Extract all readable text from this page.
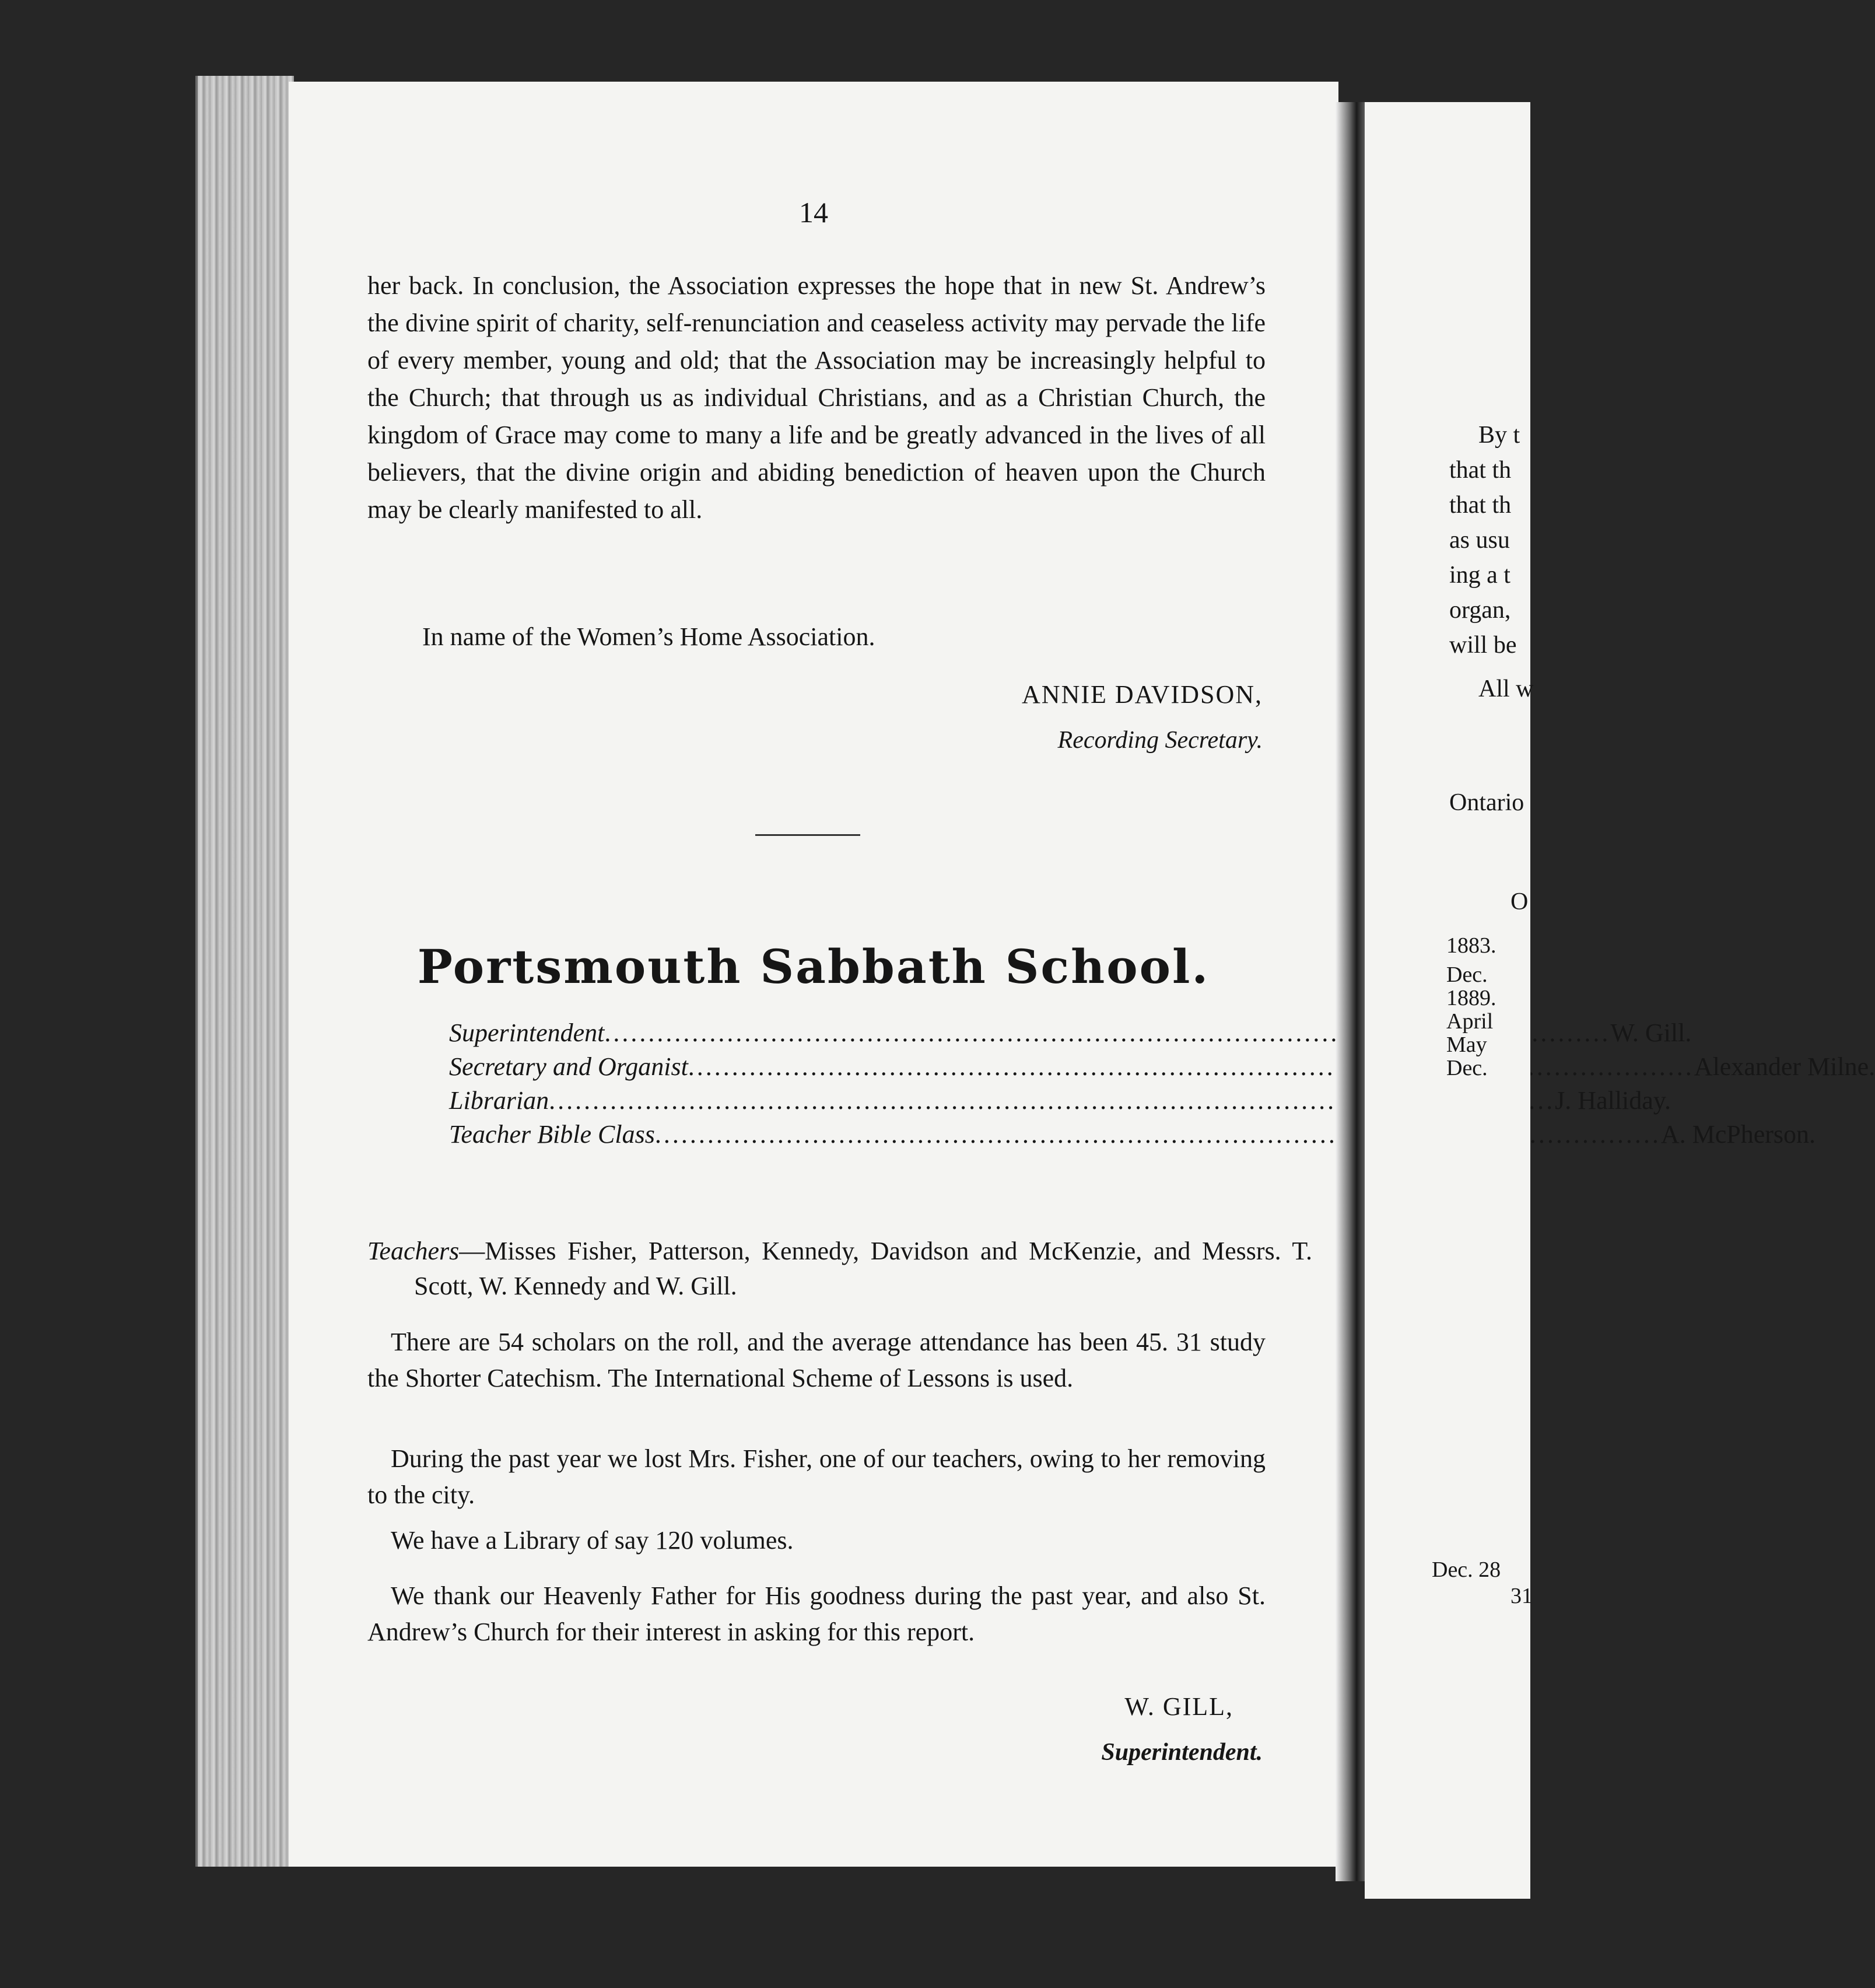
14
her back. In conclusion, the Association expresses the hope that in new St. Andrew’s the divine spirit of charity, self-renunciation and ceaseless activity may pervade the life of every member, young and old; that the Association may be increasingly helpful to the Church; that through us as individual Christians, and as a Christian Church, the kingdom of Grace may come to many a life and be greatly advanced in the lives of all believers, that the divine origin and abiding benediction of heaven upon the Church may be clearly manifested to all.
In name of the Women’s Home Association.
ANNIE DAVIDSON,
Recording Secretary.
Portsmouth Sabbath School.
Superintendent .....	W. Gill.
Secretary and Organist .....	Alexander Milne.
Librarian .....	J. Halliday.
Teacher Bible Class .....	A. McPherson.
Teachers—Misses Fisher, Patterson, Kennedy, Davidson and McKenzie, and Messrs. T. Scott, W. Kennedy and W. Gill.
There are 54 scholars on the roll, and the average attendance has been 45. 31 study the Shorter Catechism. The International Scheme of Lessons is used.
During the past year we lost Mrs. Fisher, one of our teachers, owing to her removing to the city.
We have a Library of say 120 volumes.
We thank our Heavenly Father for His goodness during the past year, and also St. Andrew’s Church for their interest in asking for this report.
W. GILL,
Superintendent.
By t
that th
that th
as usu
ing a t
organ,
will be
All w
Ontario
O
1883.
Dec.
1889.
April
May
Dec.
Dec. 28
31
